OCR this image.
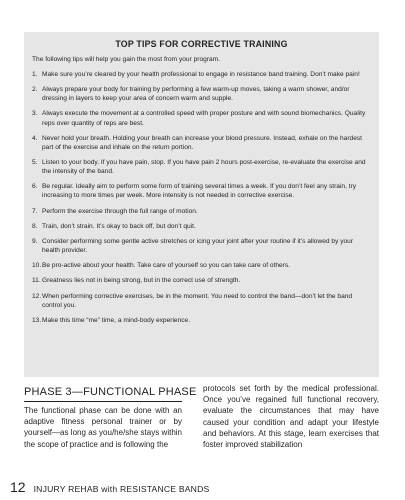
TOP TIPS FOR CORRECTIVE TRAINING

The following tips will help you gain the most from your program.

1. Make sure you’re cleared by your health professional to engage in resistance band training. Don’t make pain!
2. Always prepare your body for training by performing a few warm-up moves, taking a warm shower, and/or dressing in layers to keep your area of concern warm and supple.
3. Always execute the movement at a controlled speed with proper posture and with sound biomechanics. Quality reps over quantity of reps are best.
4. Never hold your breath. Holding your breath can increase your blood pressure. Instead, exhale on the hardest part of the exercise and inhale on the return portion.
5. Listen to your body. If you have pain, stop. If you have pain 2 hours post-exercise, re-evaluate the exercise and the intensity of the band.
6. Be regular. Ideally aim to perform some form of training several times a week. If you don’t feel any strain, try increasing to more times per week. More intensity is not needed in corrective exercise.
7. Perform the exercise through the full range of motion.
8. Train, don’t strain. It’s okay to back off, but don’t quit.
9. Consider performing some gentle active stretches or icing your joint after your routine if it’s allowed by your health provider.
10. Be pro-active about your health. Take care of yourself so you can take care of others.
11. Greatness lies not in being strong, but in the correct use of strength.
12. When performing corrective exercises, be in the moment. You need to control the band—don’t let the band control you.
13. Make this time “me” time, a mind-body experience.
PHASE 3—FUNCTIONAL PHASE

The functional phase can be done with an adaptive fitness personal trainer or by yourself—as long as you/he/she stays within the scope of practice and is following the

protocols set forth by the medical professional. Once you’ve regained full functional recovery, evaluate the circumstances that may have caused your condition and adapt your lifestyle and behaviors. At this stage, learn exercises that foster improved stabilization

12 INJURY REHAB with RESISTANCE BANDS
